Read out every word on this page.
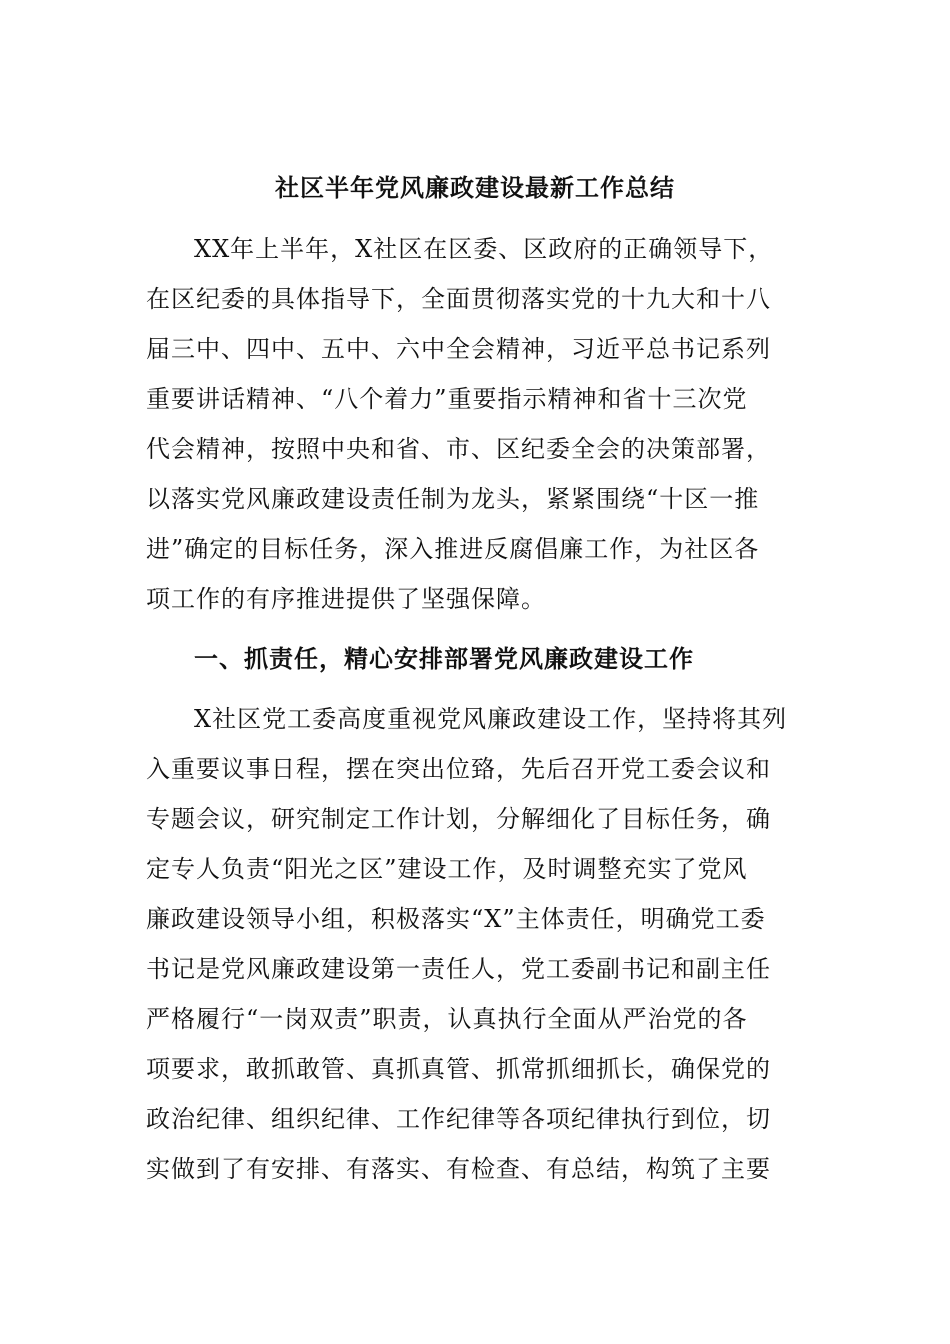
社区半年党风廉政建设最新工作总结
XX年上半年，X社区在区委、区政府的正确领导下，
在区纪委的具体指导下，全面贯彻落实党的十九大和十八
届三中、四中、五中、六中全会精神，习近平总书记系列
重要讲话精神、“八个着力”重要指示精神和省十三次党
代会精神，按照中央和省、市、区纪委全会的决策部署，
以落实党风廉政建设责任制为龙头，紧紧围绕“十区一推
进”确定的目标任务，深入推进反腐倡廉工作，为社区各
项工作的有序推进提供了坚强保障。
一、抓责任，精心安排部署党风廉政建设工作
X社区党工委高度重视党风廉政建设工作，坚持将其列
入重要议事日程，摆在突出位臵，先后召开党工委会议和
专题会议，研究制定工作计划，分解细化了目标任务，确
定专人负责“阳光之区”建设工作，及时调整充实了党风
廉政建设领导小组，积极落实“X”主体责任，明确党工委
书记是党风廉政建设第一责任人，党工委副书记和副主任
严格履行“一岗双责”职责，认真执行全面从严治党的各
项要求，敢抓敢管、真抓真管、抓常抓细抓长，确保党的
政治纪律、组织纪律、工作纪律等各项纪律执行到位，切
实做到了有安排、有落实、有检查、有总结，构筑了主要
